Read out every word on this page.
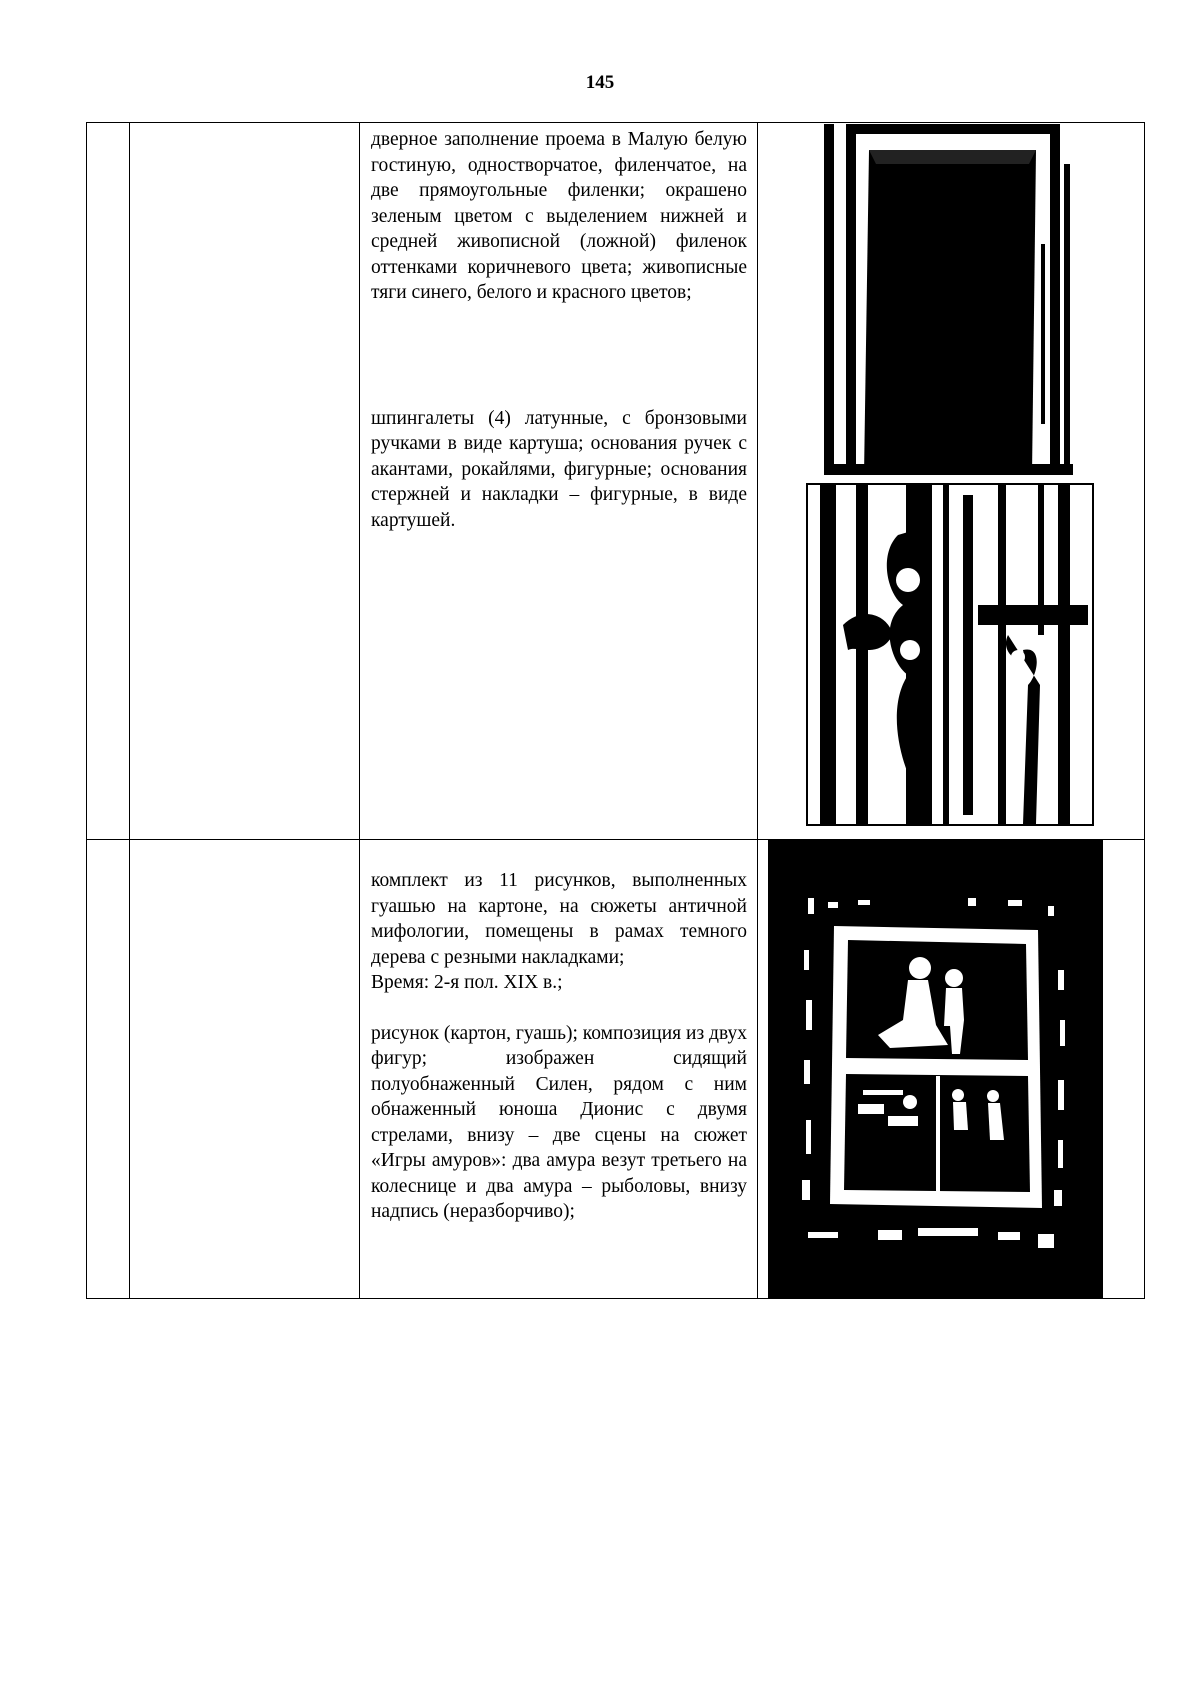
145

		дверное заполнение проема в Малую белую гостиную, одностворчатое, филенчатое, на две прямоугольные филенки; окрашено зеленым цветом с выделением нижней и средней живописной (ложной) филенок оттенками коричневого цвета; живописные тяги синего, белого и красного цветов;

шпингалеты (4) латунные, с бронзовыми ручками в виде картуша; основания ручек с акантами, рокайлями, фигурные; основания стержней и накладки – фигурные, в виде картушей.

		комплект из 11 рисунков, выполненных гуашью на картоне, на сюжеты античной мифологии, помещены в рамах темного дерева с резными накладками;

Время: 2-я пол. XIX в.;

рисунок (картон, гуашь); композиция из двух фигур; изображен сидящий полуобнаженный Силен, рядом с ним обнаженный юноша Дионис с двумя стрелами, внизу – две сцены на сюжет «Игры амуров»: два амура везут третьего на колеснице и два амура – рыболовы, внизу надпись (неразборчиво);
